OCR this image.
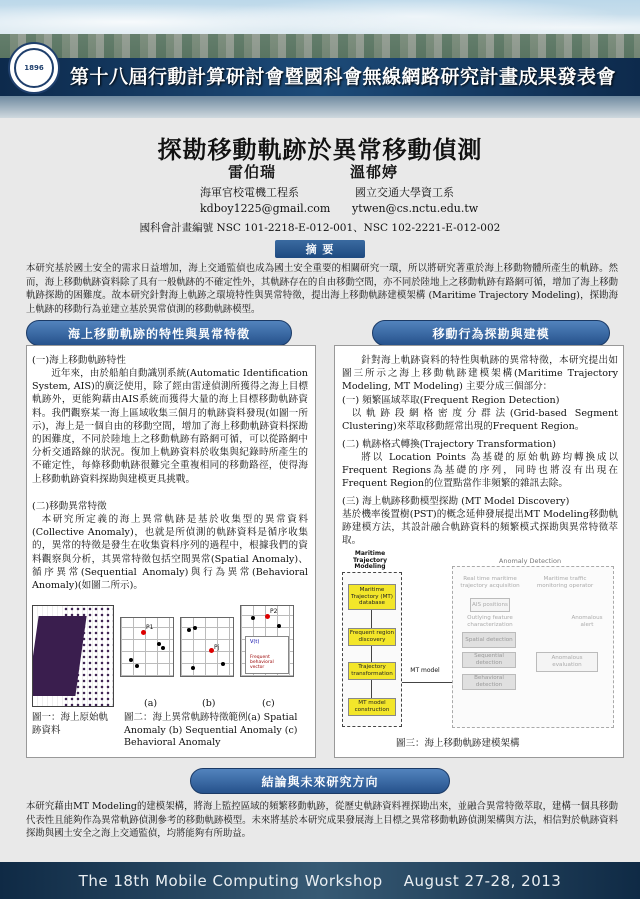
1896	第十八屆行動計算研討會暨國科會無線網路研究計畫成果發表會
探勘移動軌跡於異常移動偵測
雷伯瑞	溫郁婷
海軍官校電機工程系	國立交通大學資工系
kdboy1225@gmail.com ytwen@cs.nctu.edu.tw
國科會計畫編號 NSC 101-2218-E-012-001、NSC 102-2221-E-012-002
摘 要
本研究基於國土安全的需求日益增加，海上交通監偵也成為國土安全重要的相關研究一環，所以將研究著重於海上移動物體所產生的軌跡。然而，海上移動軌跡資料除了具有一般軌跡的不確定性外，其軌跡存在的自由移動空間，亦不同於陸地上之移動軌跡有路網可循，增加了海上移動軌跡探勘的困難度。故本研究針對海上軌跡之環境特性與異常特徵，提出海上移動軌跡建模架構 (Maritime Trajectory Modeling)，探勘海上軌跡的移動行為並建立基於異常偵測的移動軌跡模型。
海上移動軌跡的特性與異常特徵
(一)海上移動軌跡特性
近年來，由於船舶自動識別系統(Automatic Identification System, AIS)的廣泛使用，除了經由雷達偵測所獲得之海上目標軌跡外，更能夠藉由AIS系統而獲得大量的海上目標移動軌跡資料。我們觀察某一海上區域收集三個月的軌跡資料發現(如圖一所示)，海上是一個自由的移動空間，增加了海上移動軌跡資料探勘的困難度，不同於陸地上之移動軌跡有路網可循，可以從路網中分析交通路線的狀況。復加上軌跡資料於收集與紀錄時所產生的不確定性，每條移動軌跡很難完全重複相同的移動路徑，使得海上移動軌跡資料探勘與建模更具挑戰。
(二)移動異常特徵
本研究所定義的海上異常軌跡是基於收集型的異常資料(Collective Anomaly)，也就是所偵測的軌跡資料是循序收集的，異常的特徵是發生在收集資料序列的過程中，根據我們的資料觀察與分析，其異常特徵包括空間異常(Spatial Anomaly)、循序異常(Sequential Anomaly)與行為異常(Behavioral Anomaly)(如圖二所示)。
P1
Pj
P2
V(t)
Frequent behavioral vector
(a)	(b)	(c)
圖一：海上原始軌跡資料
圖二：海上異常軌跡特徵範例(a) Spatial Anomaly (b) Sequential Anomaly (c) Behavioral Anomaly
移動行為探勘與建模
針對海上軌跡資料的特性與軌跡的異常特徵，本研究提出如圖三所示之海上移動軌跡建模架構(Maritime Trajectory Modeling, MT Modeling) 主要分成三個部分：
(一) 頻繁區域萃取(Frequent Region Detection)
以軌跡段網格密度分群法(Grid-based Segment Clustering)來萃取移動經常出現的Frequent Region。
(二) 軌跡格式轉換(Trajectory Transformation)
將以 Location Points 為基礎的原始軌跡均轉換成以 Frequent Regions為基礎的序列，同時也將沒有出現在Frequent Region的位置點當作非頻繁的雜訊去除。
(三) 海上軌跡移動模型探勘 (MT Model Discovery)
基於機率後置樹(PST)的概念延伸發展提出MT Modeling移動軌跡建模方法，其設計融合軌跡資料的頻繁模式探勘與異常特徵萃取。
Maritime Trajectory Modeling
Anomaly Detection
Maritime Trajectory (MT) database
Frequent region discovery
Trajectory transformation
MT model construction
MT model
Real time maritime trajectory acquisition
AIS positions
Outlying feature characterization
Spatial detection
Sequential detection
Behavioral detection
Maritime traffic monitoring operator
Anomalous alert
Anomalous evaluation
圖三：海上移動軌跡建模架構
結論與未來研究方向
本研究藉由MT Modeling的建模架構，將海上監控區域的頻繁移動軌跡，從歷史軌跡資料裡探勘出來，並融合異常特徵萃取，建構一個具移動代表性且能夠作為異常軌跡偵測參考的移動軌跡模型。未來將基於本研究成果發展海上目標之異常移動軌跡偵測架構與方法，相信對於軌跡資料探勘與國土安全之海上交通監偵，均將能夠有所助益。
The 18th Mobile Computing Workshop    August 27-28, 2013
